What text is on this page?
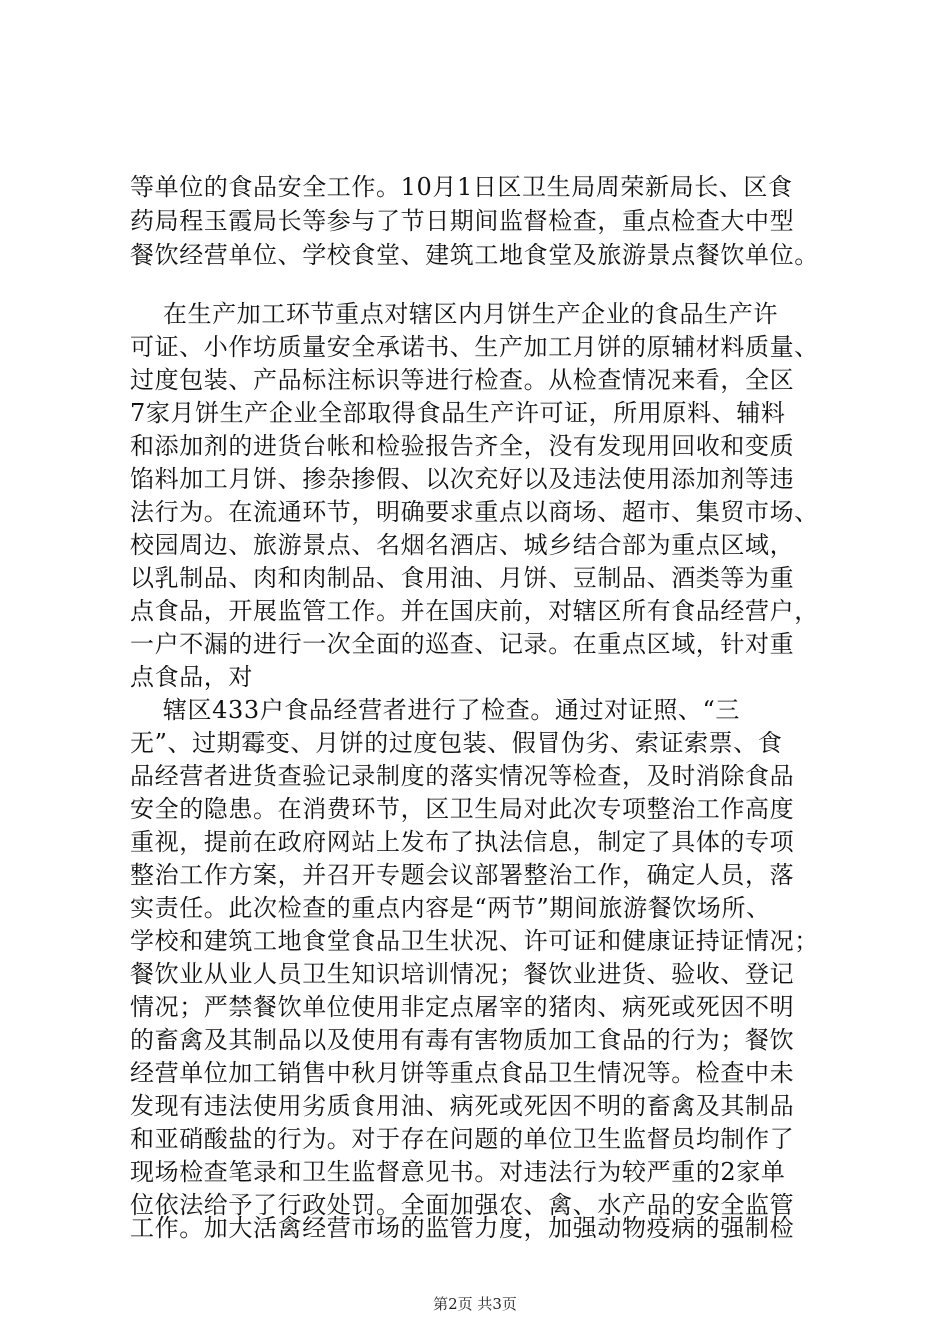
等单位的食品安全工作。10月1日区卫生局周荣新局长、区食
药局程玉霞局长等参与了节日期间监督检查，重点检查大中型
餐饮经营单位、学校食堂、建筑工地食堂及旅游景点餐饮单位。
在生产加工环节重点对辖区内月饼生产企业的食品生产许
可证、小作坊质量安全承诺书、生产加工月饼的原辅材料质量、
过度包装、产品标注标识等进行检查。从检查情况来看，全区
7家月饼生产企业全部取得食品生产许可证，所用原料、辅料
和添加剂的进货台帐和检验报告齐全，没有发现用回收和变质
馅料加工月饼、掺杂掺假、以次充好以及违法使用添加剂等违
法行为。在流通环节，明确要求重点以商场、超市、集贸市场、
校园周边、旅游景点、名烟名酒店、城乡结合部为重点区域，
以乳制品、肉和肉制品、食用油、月饼、豆制品、酒类等为重
点食品，开展监管工作。并在国庆前，对辖区所有食品经营户，
一户不漏的进行一次全面的巡查、记录。在重点区域，针对重
点食品，对
辖区433户食品经营者进行了检查。通过对证照、“三
无”、过期霉变、月饼的过度包装、假冒伪劣、索证索票、食
品经营者进货查验记录制度的落实情况等检查，及时消除食品
安全的隐患。在消费环节，区卫生局对此次专项整治工作高度
重视，提前在政府网站上发布了执法信息，制定了具体的专项
整治工作方案，并召开专题会议部署整治工作，确定人员，落
实责任。此次检查的重点内容是“两节”期间旅游餐饮场所、
学校和建筑工地食堂食品卫生状况、许可证和健康证持证情况；
餐饮业从业人员卫生知识培训情况；餐饮业进货、验收、登记
情况；严禁餐饮单位使用非定点屠宰的猪肉、病死或死因不明
的畜禽及其制品以及使用有毒有害物质加工食品的行为；餐饮
经营单位加工销售中秋月饼等重点食品卫生情况等。检查中未
发现有违法使用劣质食用油、病死或死因不明的畜禽及其制品
和亚硝酸盐的行为。对于存在问题的单位卫生监督员均制作了
现场检查笔录和卫生监督意见书。对违法行为较严重的2家单
位依法给予了行政处罚。全面加强农、禽、水产品的安全监管
工作。加大活禽经营市场的监管力度，加强动物疫病的强制检
第2页 共3页
